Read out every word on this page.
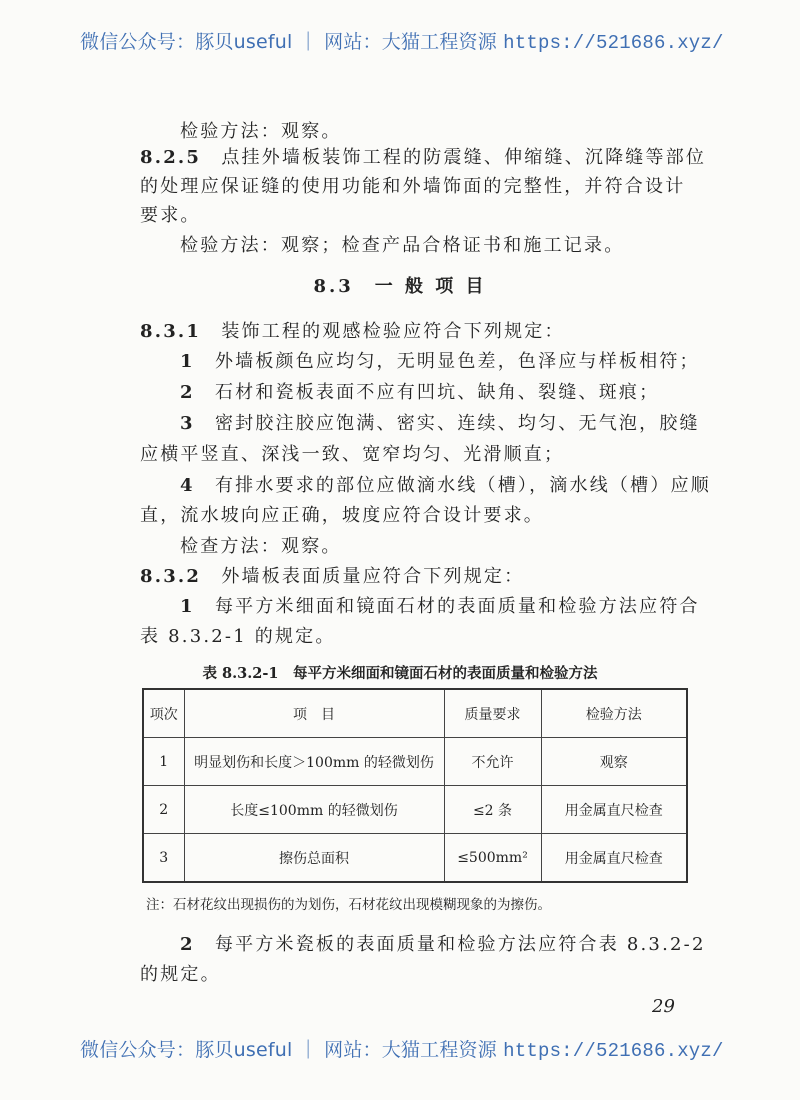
微信公众号：豚贝useful ｜ 网站：大猫工程资源 https://521686.xyz/
检验方法：观察。
8.2.5　 点挂外墙板装饰工程的防震缝、伸缩缝、沉降缝等部位
的处理应保证缝的使用功能和外墙饰面的完整性，并符合设计
要求。
检验方法：观察；检查产品合格证书和施工记录。
8.3　一 般 项 目
8.3.1　 装饰工程的观感检验应符合下列规定：
1　 外墙板颜色应均匀，无明显色差，色泽应与样板相符；
2　 石材和瓷板表面不应有凹坑、缺角、裂缝、斑痕；
3　 密封胶注胶应饱满、密实、连续、均匀、无气泡，胶缝
应横平竖直、深浅一致、宽窄均匀、光滑顺直；
4　 有排水要求的部位应做滴水线（槽），滴水线（槽）应顺
直，流水坡向应正确，坡度应符合设计要求。
检查方法：观察。
8.3.2　 外墙板表面质量应符合下列规定：
1　 每平方米细面和镜面石材的表面质量和检验方法应符合
表 8.3.2-1 的规定。
表 8.3.2-1　每平方米细面和镜面石材的表面质量和检验方法
项次	项　目	质量要求	检验方法
1	明显划伤和长度＞100mm 的轻微划伤	不允许	观察
2	长度≤100mm 的轻微划伤	≤2 条	用金属直尺检查
3	擦伤总面积	≤500mm²	用金属直尺检查
注：石材花纹出现损伤的为划伤，石材花纹出现模糊现象的为擦伤。
2　 每平方米瓷板的表面质量和检验方法应符合表 8.3.2-2
的规定。
29
微信公众号：豚贝useful ｜ 网站：大猫工程资源 https://521686.xyz/
